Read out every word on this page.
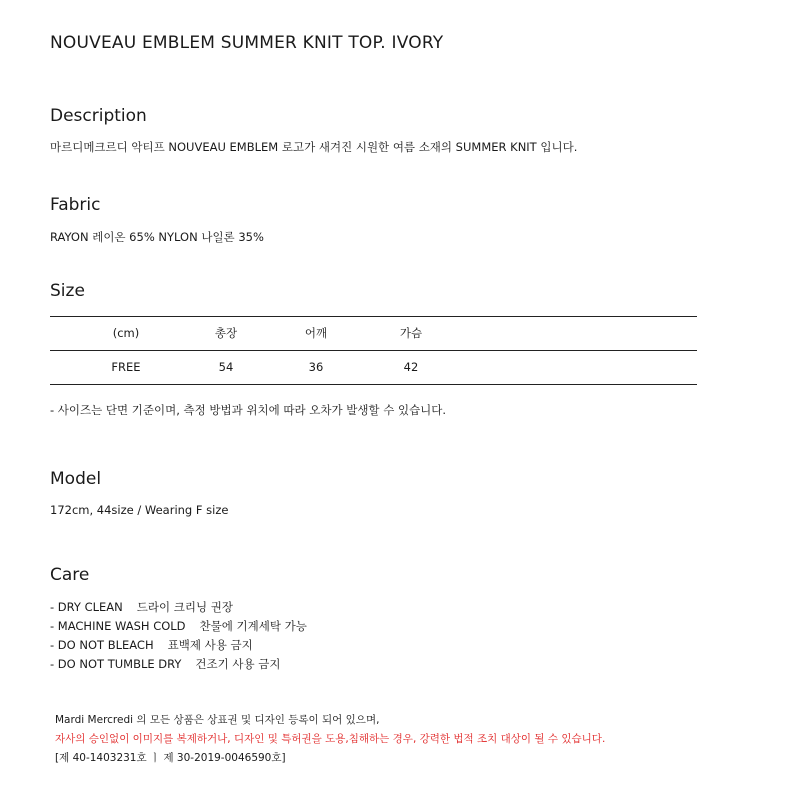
NOUVEAU EMBLEM SUMMER KNIT TOP. IVORY
Description
마르디메크르디 악티프 NOUVEAU EMBLEM 로고가 새겨진 시원한 여름 소재의 SUMMER KNIT 입니다.
Fabric
RAYON 레이온 65% NYLON 나일론 35%
Size
(cm)	총장	어깨	가슴
FREE	54	36	42
- 사이즈는 단면 기준이며, 측정 방법과 위치에 따라 오차가 발생할 수 있습니다.
Model
172cm, 44size / Wearing F size
Care
- DRY CLEAN 드라이 크리닝 권장
- MACHINE WASH COLD 찬물에 기계세탁 가능
- DO NOT BLEACH 표백제 사용 금지
- DO NOT TUMBLE DRY 건조기 사용 금지
Mardi Mercredi 의 모든 상품은 상표권 및 디자인 등록이 되어 있으며,
자사의 승인없이 이미지를 복제하거나, 디자인 및 특허권을 도용,침해하는 경우, 강력한 법적 조치 대상이 될 수 있습니다.
[제 40-1403231호 ㅣ 제 30-2019-0046590호]
